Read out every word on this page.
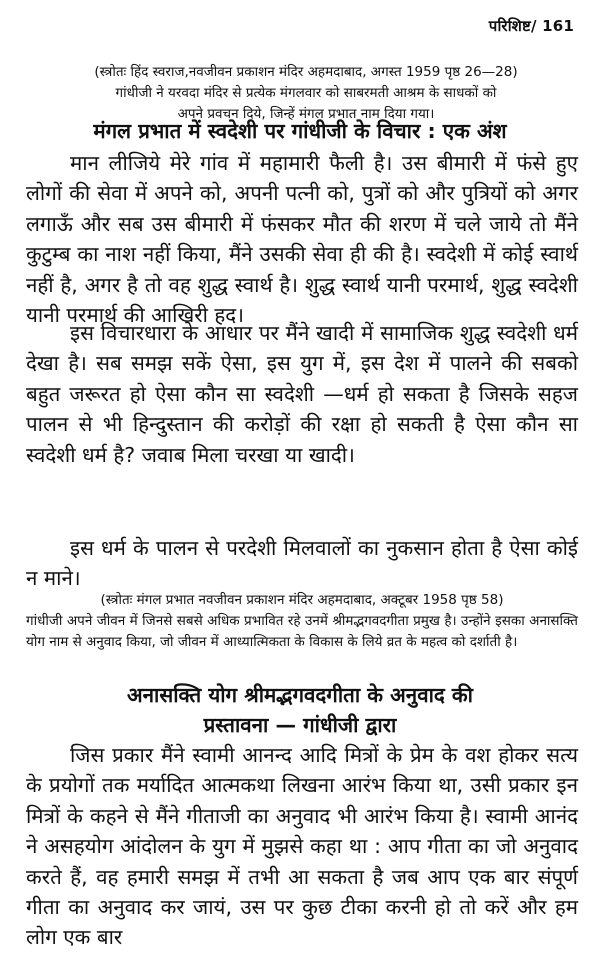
परिशिष्ट/ 161

(स्त्रोतः हिंद स्वराज,नवजीवन प्रकाशन मंदिर अहमदाबाद, अगस्त 1959 पृष्ठ 26—28)

गांधीजी ने यरवदा मंदिर से प्रत्येक मंगलवार को साबरमती आश्रम के साधकों को

अपने प्रवचन दिये, जिन्हें मंगल प्रभात नाम दिया गया।

मंगल प्रभात में स्वदेशी पर गांधीजी के विचार : एक अंश

मान लीजिये मेरे गांव में महामारी फैली है। उस बीमारी में फंसे हुए लोगों की सेवा में अपने को, अपनी पत्नी को, पुत्रों को और पुत्रियों को अगर लगाऊँ और सब उस बीमारी में फंसकर मौत की शरण में चले जाये तो मैंने कुटुम्ब का नाश नहीं किया, मैंने उसकी सेवा ही की है। स्वदेशी में कोई स्वार्थ नहीं है, अगर है तो वह शुद्ध स्वार्थ है। शुद्ध स्वार्थ यानी परमार्थ, शुद्ध स्वदेशी यानी परमार्थ की आखिरी हद।

इस विचारधारा के आधार पर मैंने खादी में सामाजिक शुद्ध स्वदेशी धर्म देखा है। सब समझ सकें ऐसा, इस युग में, इस देश में पालने की सबको बहुत जरूरत हो ऐसा कौन सा स्वदेशी —धर्म हो सकता है जिसके सहज पालन से भी हिन्दुस्तान की करोड़ों की रक्षा हो सकती है ऐसा कौन सा स्वदेशी धर्म है? जवाब मिला चरखा या खादी।

इस धर्म के पालन से परदेशी मिलवालों का नुकसान होता है ऐसा कोई न माने।

(स्त्रोतः मंगल प्रभात नवजीवन प्रकाशन मंदिर अहमदाबाद, अक्टूबर 1958 पृष्ठ 58)

गांधीजी अपने जीवन में जिनसे सबसे अधिक प्रभावित रहे उनमें श्रीमद्भगवदगीता प्रमुख है। उन्होंने इसका अनासक्ति योग नाम से अनुवाद किया, जो जीवन में आध्यात्मिकता के विकास के लिये व्रत के महत्व को दर्शाती है।

अनासक्ति योग श्रीमद्भगवदगीता के अनुवाद की
प्रस्तावना — गांधीजी द्वारा

जिस प्रकार मैंने स्वामी आनन्द आदि मित्रों के प्रेम के वश होकर सत्य के प्रयोगों तक मर्यादित आत्मकथा लिखना आरंभ किया था, उसी प्रकार इन मित्रों के कहने से मैंने गीताजी का अनुवाद भी आरंभ किया है। स्वामी आनंद ने असहयोग आंदोलन के युग में मुझसे कहा था : आप गीता का जो अनुवाद करते हैं, वह हमारी समझ में तभी आ सकता है जब आप एक बार संपूर्ण गीता का अनुवाद कर जायं, उस पर कुछ टीका करनी हो तो करें और हम लोग एक बार
